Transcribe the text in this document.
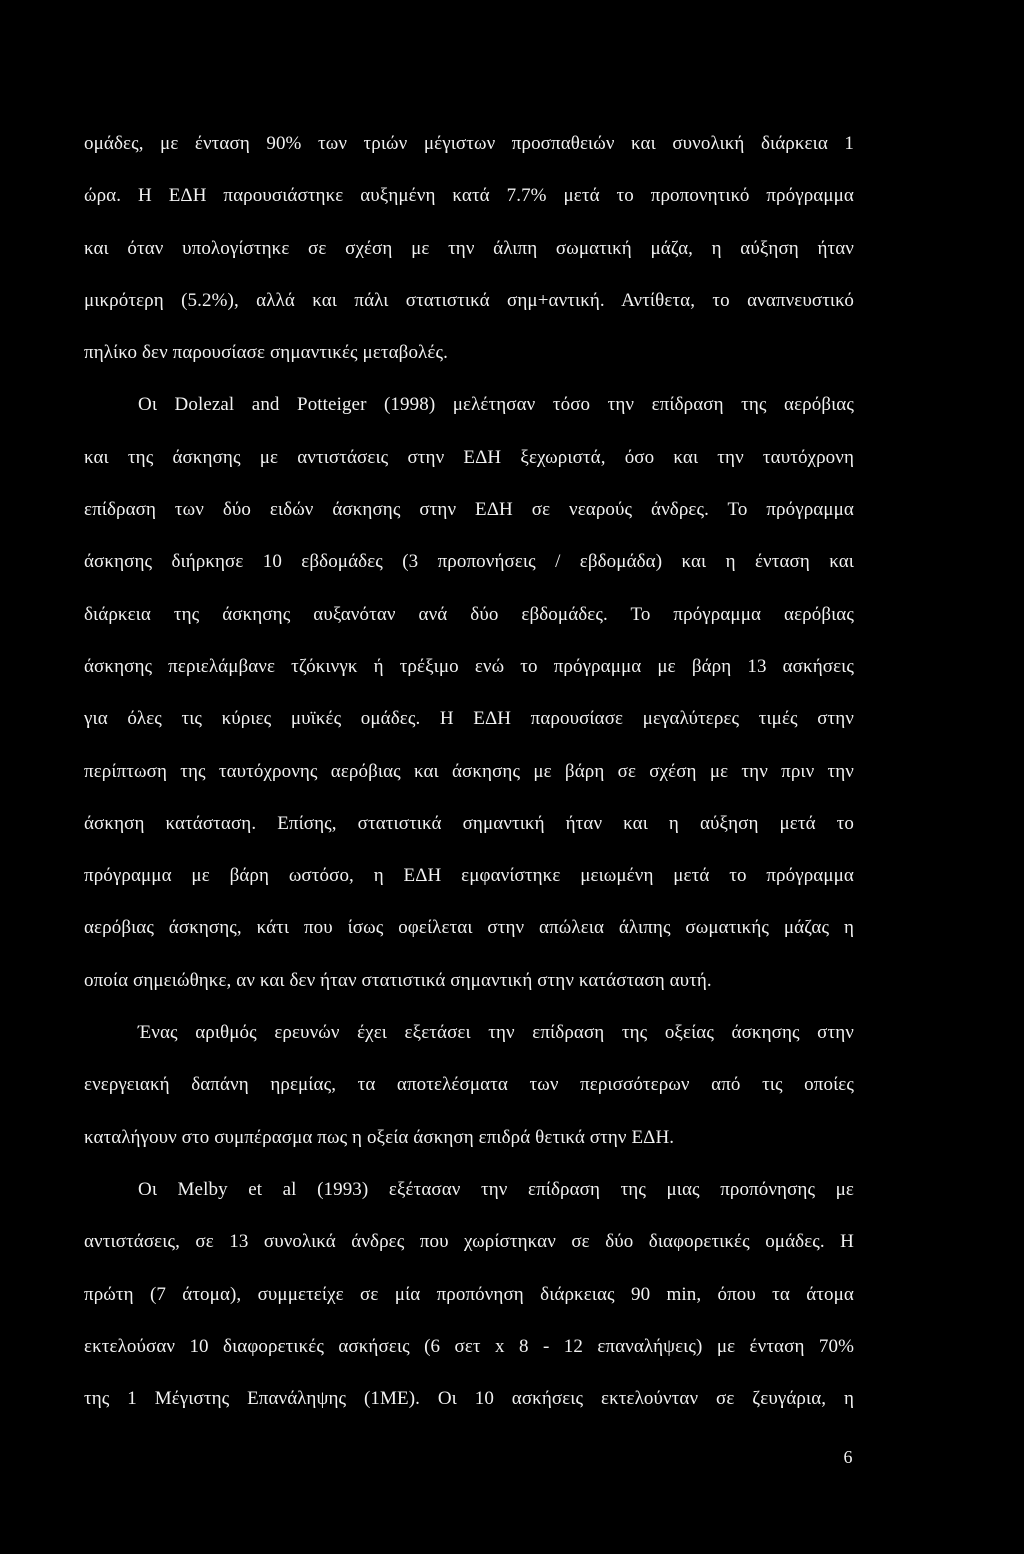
ομάδες, με ένταση 90% των τριών μέγιστων προσπαθειών και συνολική διάρκεια 1
ώρα. Η ΕΔΗ παρουσιάστηκε αυξημένη κατά 7.7% μετά το προπονητικό πρόγραμμα
και όταν υπολογίστηκε σε σχέση με την άλιπη σωματική μάζα, η αύξηση ήταν
μικρότερη (5.2%), αλλά και πάλι στατιστικά σημ+αντική. Αντίθετα, το αναπνευστικό
πηλίκο δεν παρουσίασε σημαντικές μεταβολές.
Οι Dolezal and Potteiger (1998) μελέτησαν τόσο την επίδραση της αερόβιας
και της άσκησης με αντιστάσεις στην ΕΔΗ ξεχωριστά, όσο και την ταυτόχρονη
επίδραση των δύο ειδών άσκησης στην ΕΔΗ σε νεαρούς άνδρες. Το πρόγραμμα
άσκησης διήρκησε 10 εβδομάδες (3 προπονήσεις / εβδομάδα) και η ένταση και
διάρκεια της άσκησης αυξανόταν ανά δύο εβδομάδες. Το πρόγραμμα αερόβιας
άσκησης περιελάμβανε τζόκινγκ ή τρέξιμο ενώ το πρόγραμμα με βάρη 13 ασκήσεις
για όλες τις κύριες μυϊκές ομάδες. Η ΕΔΗ παρουσίασε μεγαλύτερες τιμές στην
περίπτωση της ταυτόχρονης αερόβιας και άσκησης με βάρη σε σχέση με την πριν την
άσκηση κατάσταση. Επίσης, στατιστικά σημαντική ήταν και η αύξηση μετά το
πρόγραμμα με βάρη ωστόσο, η ΕΔΗ εμφανίστηκε μειωμένη μετά το πρόγραμμα
αερόβιας άσκησης, κάτι που ίσως οφείλεται στην απώλεια άλιπης σωματικής μάζας η
οποία σημειώθηκε, αν και δεν ήταν στατιστικά σημαντική στην κατάσταση αυτή.
Ένας αριθμός ερευνών έχει εξετάσει την επίδραση της οξείας άσκησης στην
ενεργειακή δαπάνη ηρεμίας, τα αποτελέσματα των περισσότερων από τις οποίες
καταλήγουν στο συμπέρασμα πως η οξεία άσκηση επιδρά θετικά στην ΕΔΗ.
Οι Melby et al (1993) εξέτασαν την επίδραση της μιας προπόνησης με
αντιστάσεις, σε 13 συνολικά άνδρες που χωρίστηκαν σε δύο διαφορετικές ομάδες. Η
πρώτη (7 άτομα), συμμετείχε σε μία προπόνηση διάρκειας 90 min, όπου τα άτομα
εκτελούσαν 10 διαφορετικές ασκήσεις (6 σετ x 8 - 12 επαναλήψεις) με ένταση 70%
της 1 Μέγιστης Επανάληψης (1ΜΕ). Οι 10 ασκήσεις εκτελούνταν σε ζευγάρια, η
6
